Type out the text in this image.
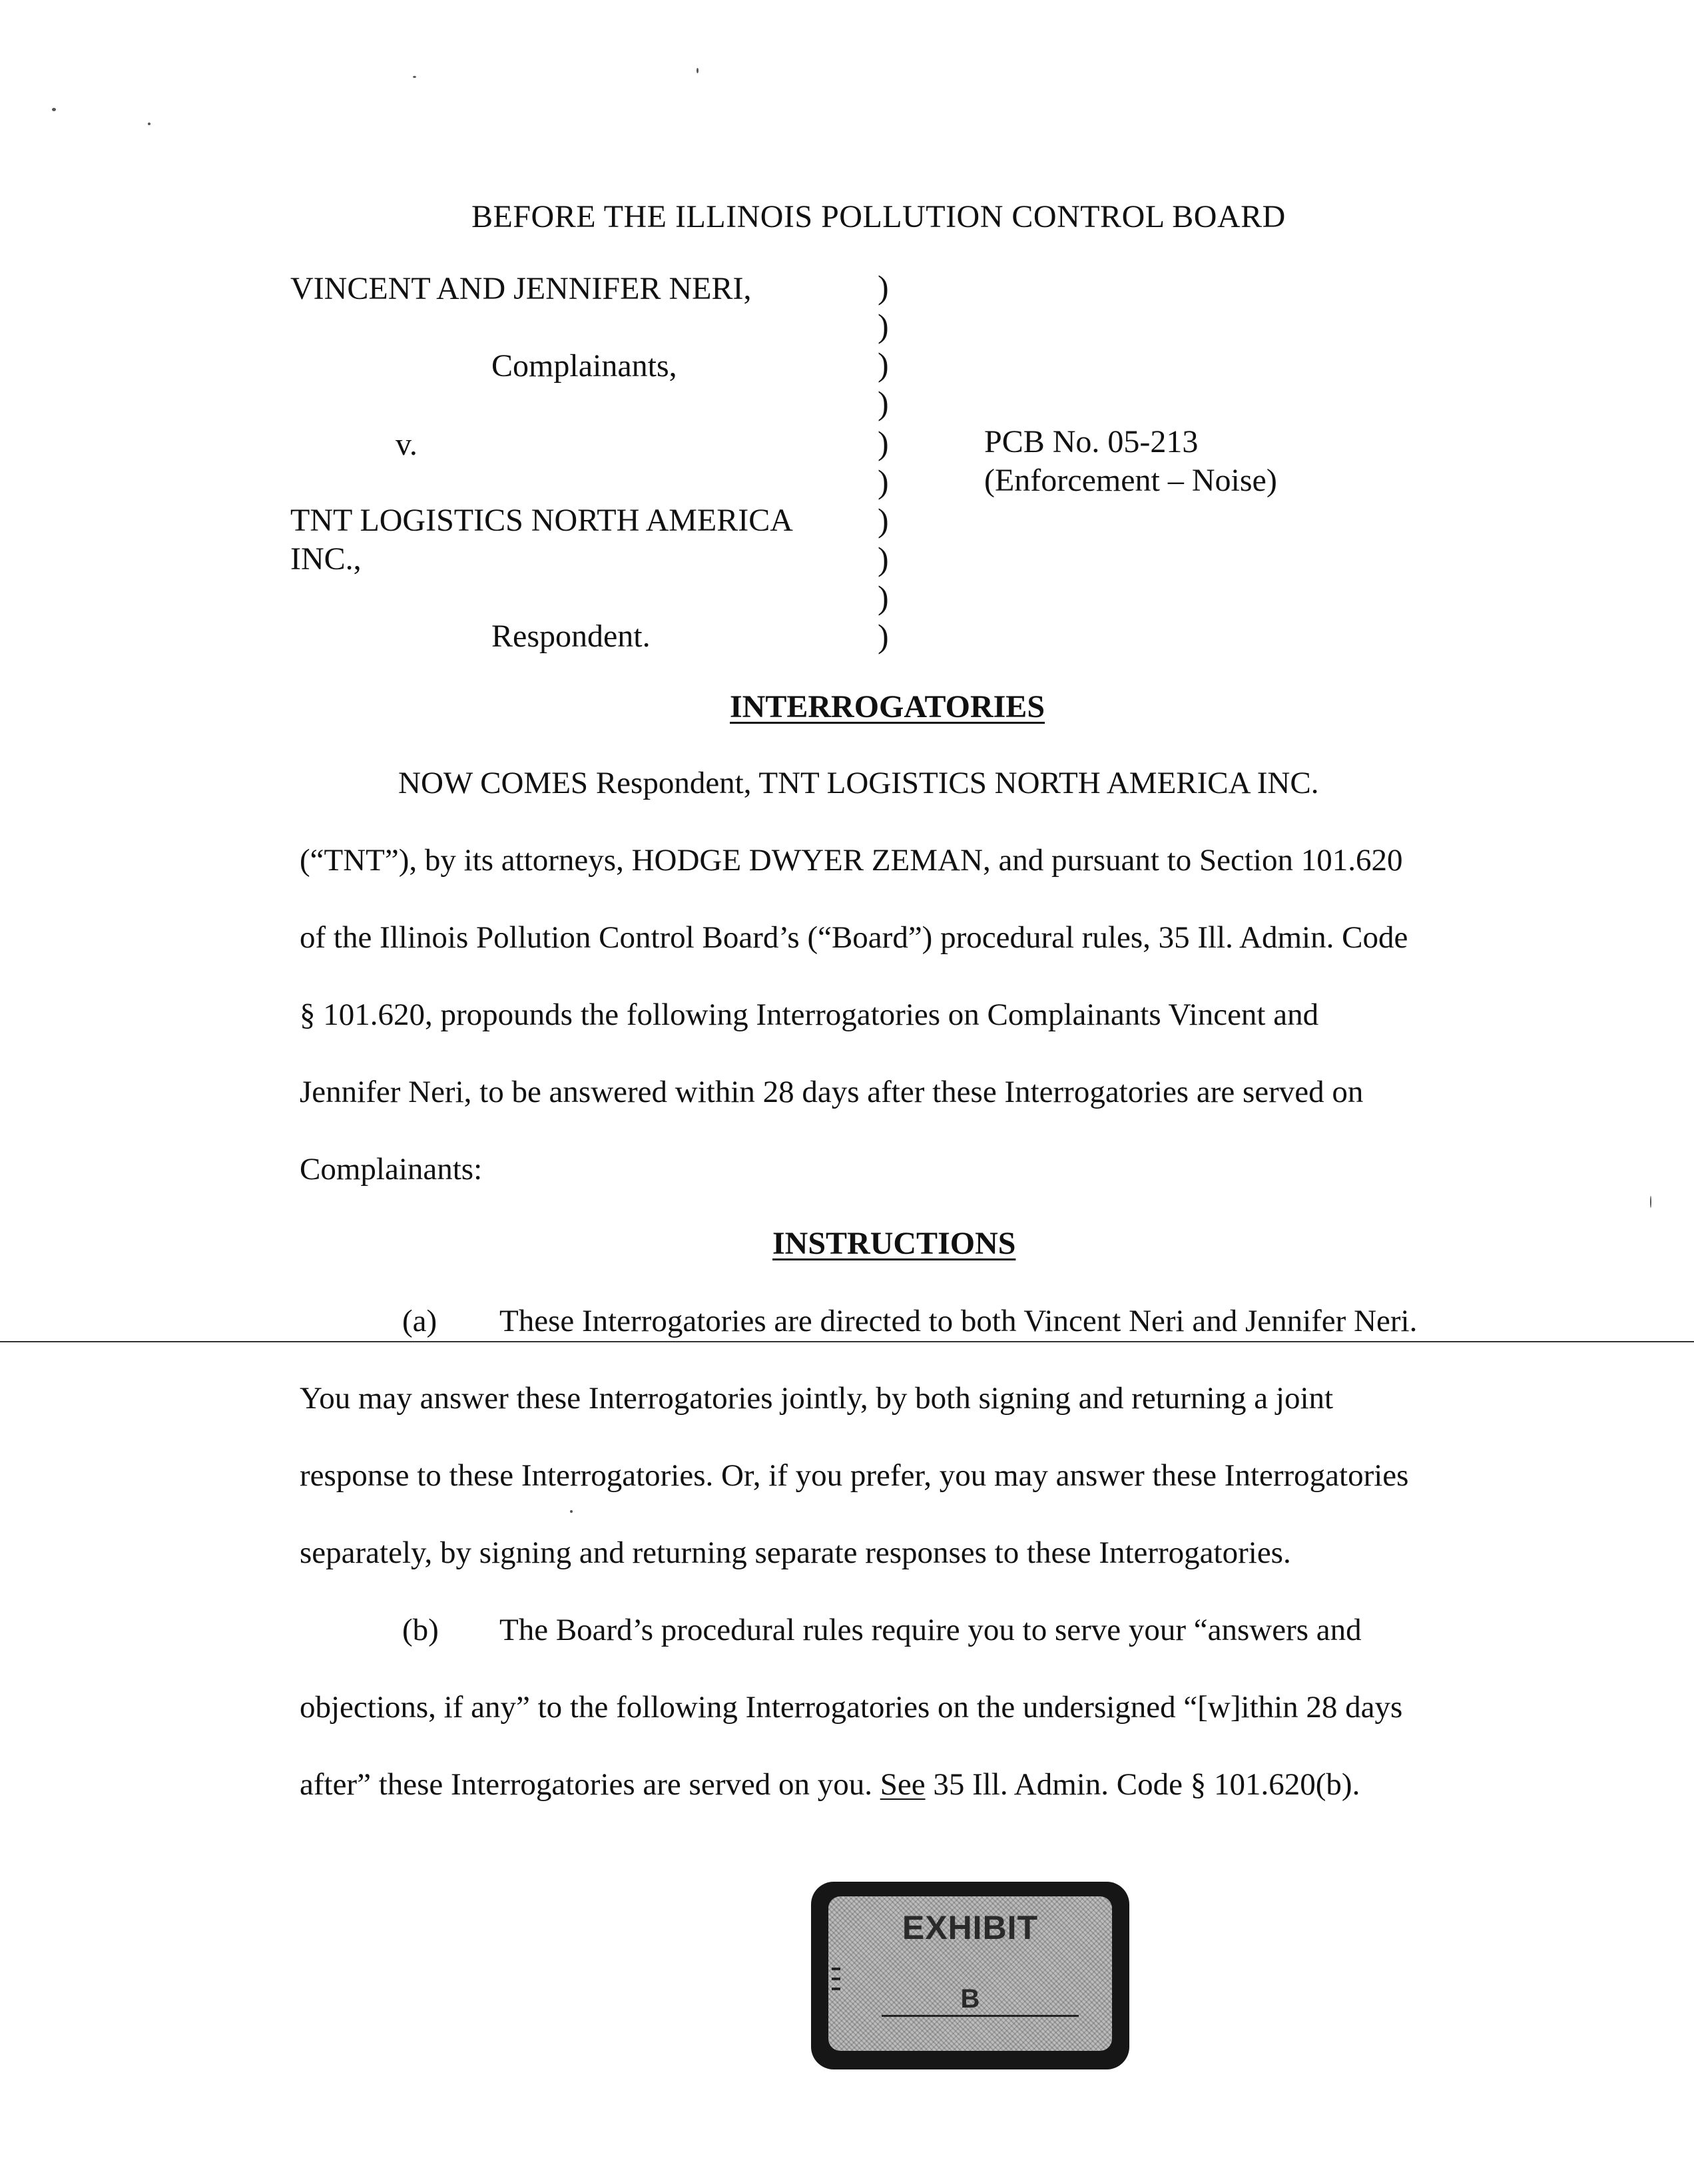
BEFORE THE ILLINOIS POLLUTION CONTROL BOARD
VINCENT AND JENNIFER NERI,
Complainants,
v.
TNT LOGISTICS NORTH AMERICA
INC.,
Respondent.
)
)
)
)
)
)
)
)
)
)
PCB No. 05-213
(Enforcement – Noise)
INTERROGATORIES
NOW COMES Respondent, TNT LOGISTICS NORTH AMERICA INC.
(“TNT”), by its attorneys, HODGE DWYER ZEMAN, and pursuant to Section 101.620
of the Illinois Pollution Control Board’s (“Board”) procedural rules, 35 Ill. Admin. Code
§ 101.620, propounds the following Interrogatories on Complainants Vincent and
Jennifer Neri, to be answered within 28 days after these Interrogatories are served on
Complainants:
INSTRUCTIONS
(a) These Interrogatories are directed to both Vincent Neri and Jennifer Neri.
You may answer these Interrogatories jointly, by both signing and returning a joint
response to these Interrogatories. Or, if you prefer, you may answer these Interrogatories
separately, by signing and returning separate responses to these Interrogatories.
(b) The Board’s procedural rules require you to serve your “answers and
objections, if any” to the following Interrogatories on the undersigned “[w]ithin 28 days
after” these Interrogatories are served on you. See 35 Ill. Admin. Code § 101.620(b).
▬▬▬
EXHIBIT
B
